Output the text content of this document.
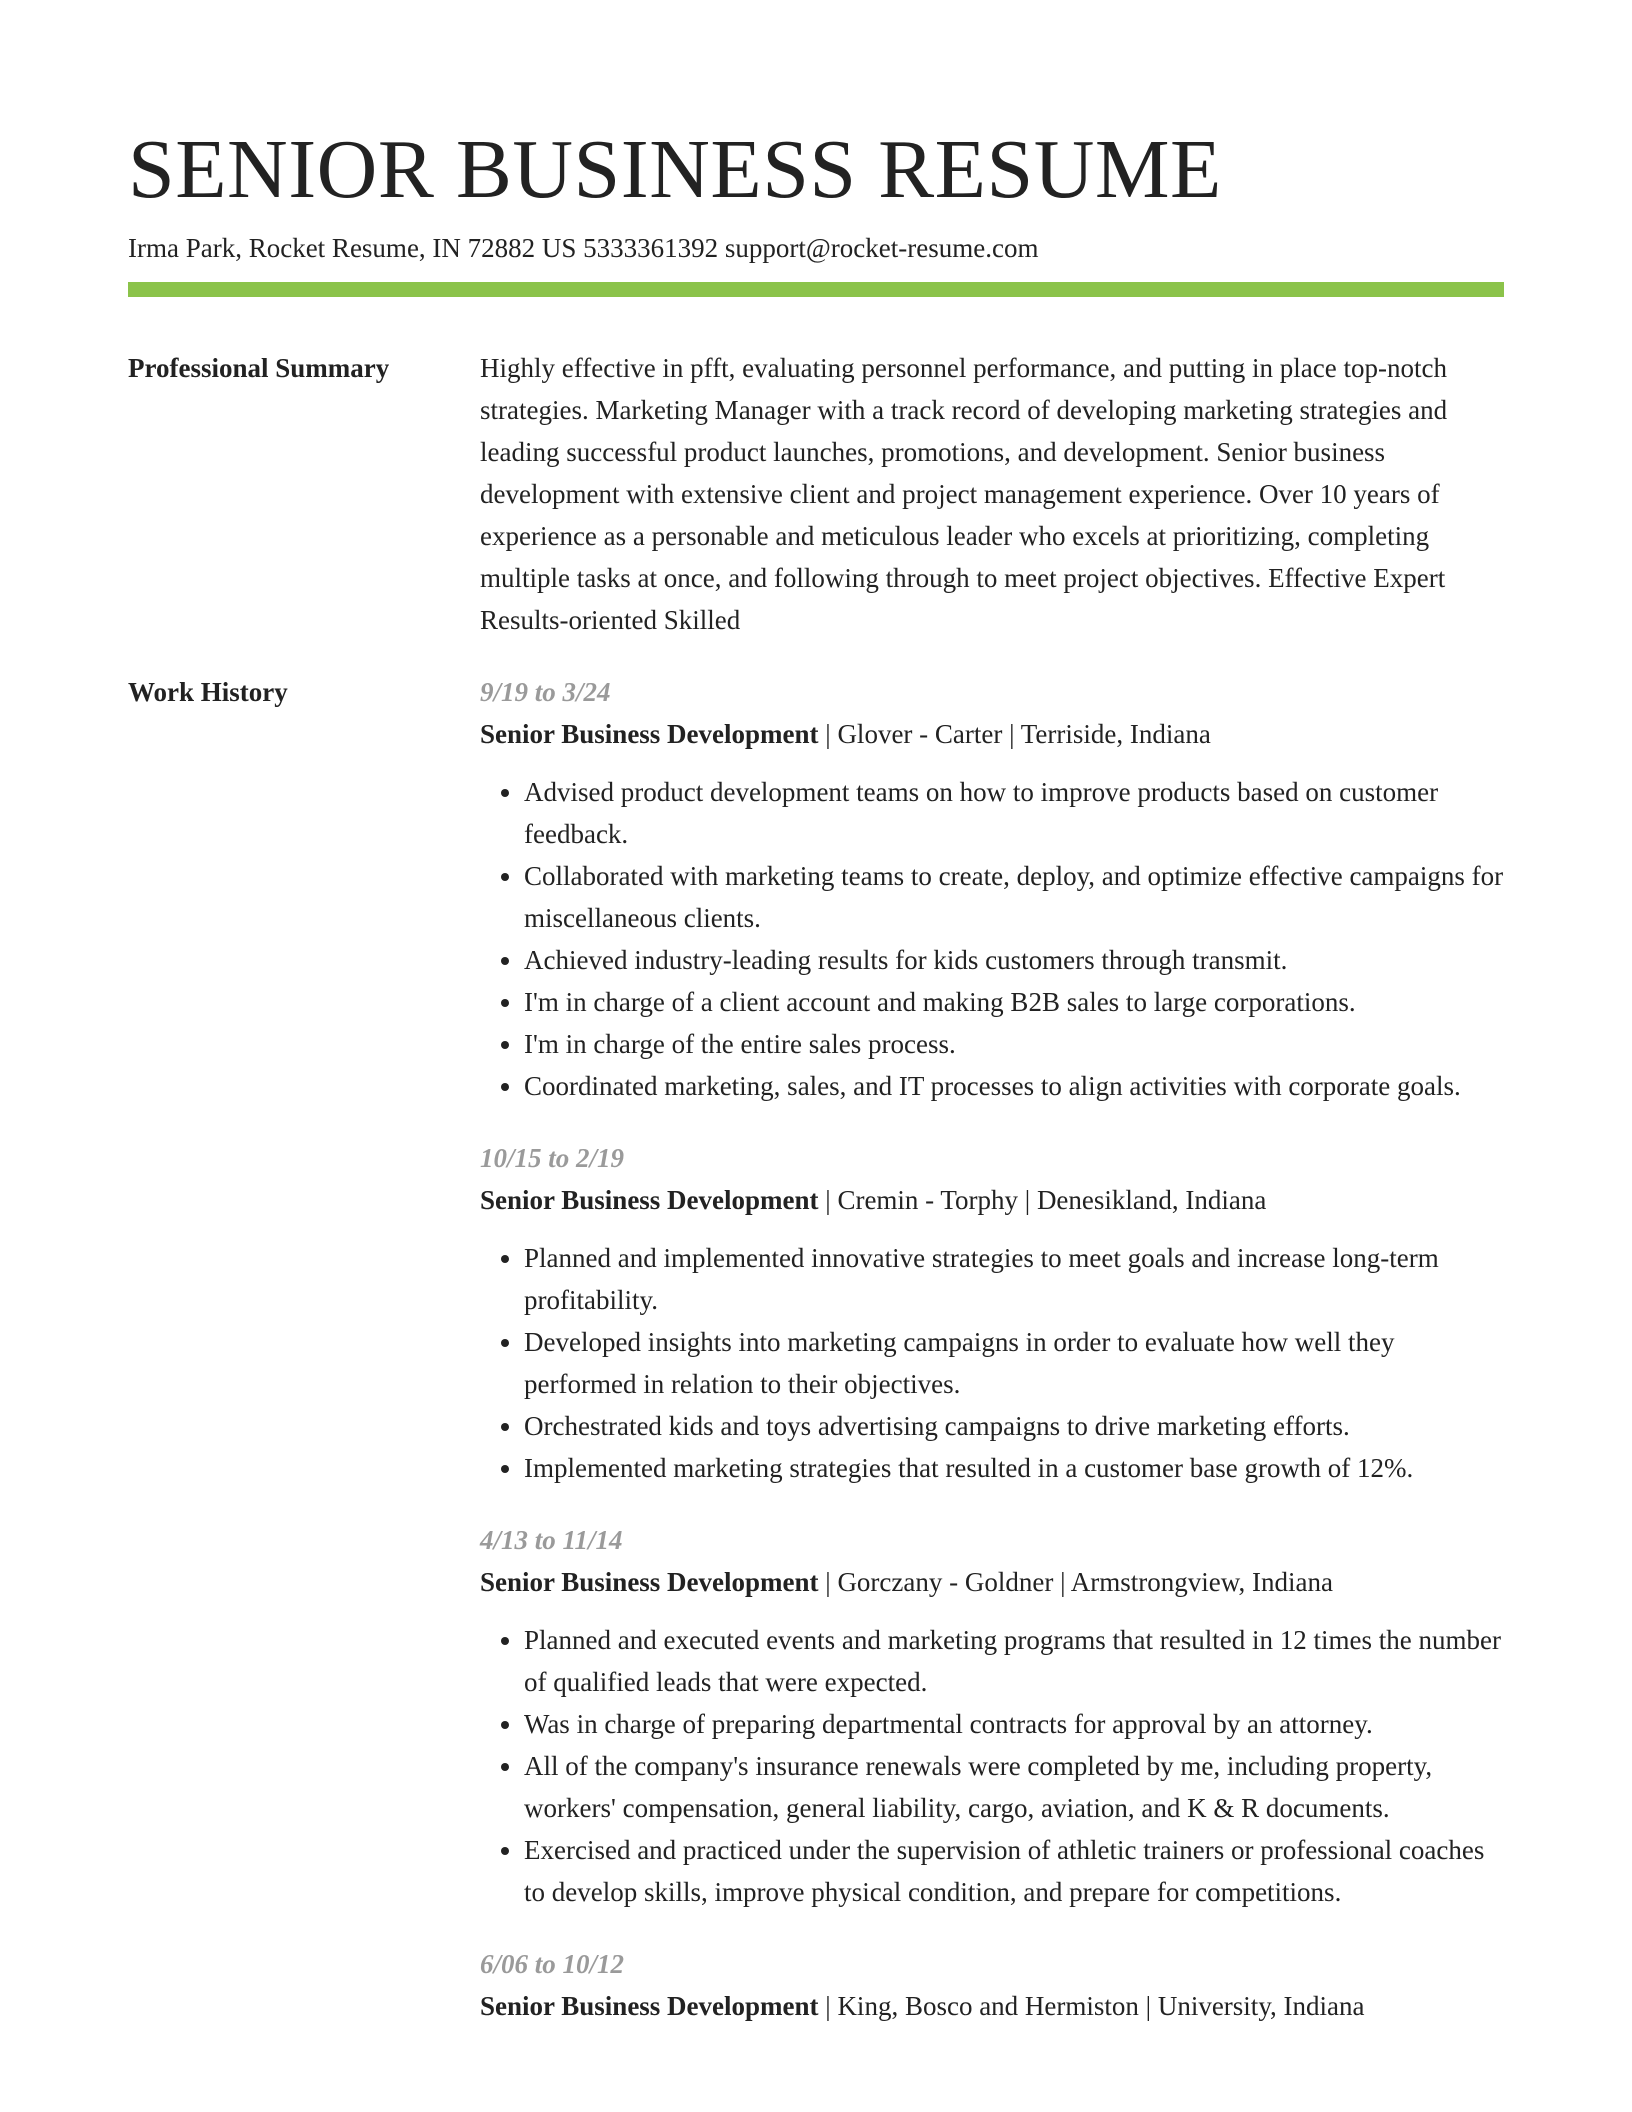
SENIOR BUSINESS RESUME
Irma Park, Rocket Resume, IN 72882 US 5333361392 support@rocket-resume.com
Professional Summary	Highly effective in pfft, evaluating personnel performance, and putting in place top-notch strategies. Marketing Manager with a track record of developing marketing strategies and leading successful product launches, promotions, and development. Senior business development with extensive client and project management experience. Over 10 years of experience as a personable and meticulous leader who excels at prioritizing, completing multiple tasks at once, and following through to meet project objectives. Effective Expert Results-oriented Skilled
Work History	9/19 to 3/24
Senior Business Development | Glover - Carter | Terriside, Indiana
• Advised product development teams on how to improve products based on customer feedback.
• Collaborated with marketing teams to create, deploy, and optimize effective campaigns for miscellaneous clients.
• Achieved industry-leading results for kids customers through transmit.
• I'm in charge of a client account and making B2B sales to large corporations.
• I'm in charge of the entire sales process.
• Coordinated marketing, sales, and IT processes to align activities with corporate goals.
10/15 to 2/19
Senior Business Development | Cremin - Torphy | Denesikland, Indiana
• Planned and implemented innovative strategies to meet goals and increase long-term profitability.
• Developed insights into marketing campaigns in order to evaluate how well they performed in relation to their objectives.
• Orchestrated kids and toys advertising campaigns to drive marketing efforts.
• Implemented marketing strategies that resulted in a customer base growth of 12%.
4/13 to 11/14
Senior Business Development | Gorczany - Goldner | Armstrongview, Indiana
• Planned and executed events and marketing programs that resulted in 12 times the number of qualified leads that were expected.
• Was in charge of preparing departmental contracts for approval by an attorney.
• All of the company's insurance renewals were completed by me, including property, workers' compensation, general liability, cargo, aviation, and K & R documents.
• Exercised and practiced under the supervision of athletic trainers or professional coaches to develop skills, improve physical condition, and prepare for competitions.
6/06 to 10/12
Senior Business Development | King, Bosco and Hermiston | University, Indiana
